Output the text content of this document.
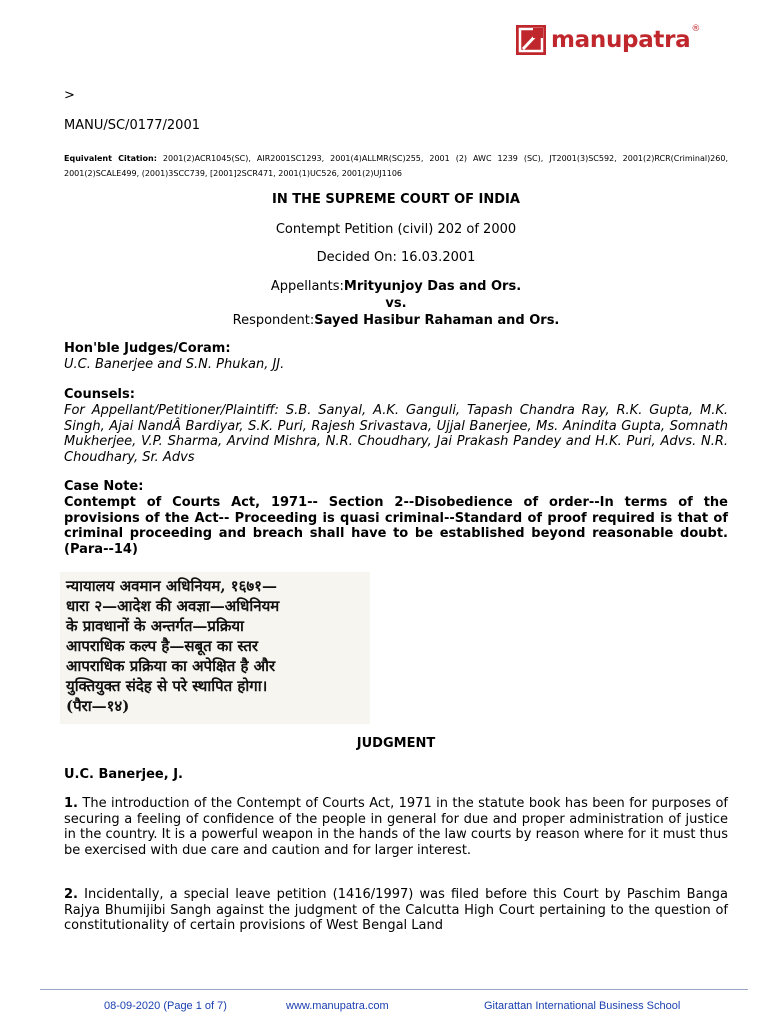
manupatra ®
>
MANU/SC/0177/2001
Equivalent Citation: 2001(2)ACR1045(SC), AIR2001SC1293, 2001(4)ALLMR(SC)255, 2001 (2) AWC 1239 (SC), JT2001(3)SC592, 2001(2)RCR(Criminal)260, 2001(2)SCALE499, (2001)3SCC739, [2001]2SCR471, 2001(1)UC526, 2001(2)UJ1106
IN THE SUPREME COURT OF INDIA
Contempt Petition (civil) 202 of 2000
Decided On: 16.03.2001
Appellants:Mrityunjoy Das and Ors.
vs.
Respondent:Sayed Hasibur Rahaman and Ors.
Hon'ble Judges/Coram:
U.C. Banerjee and S.N. Phukan, JJ.
Counsels:
For Appellant/Petitioner/Plaintiff: S.B. Sanyal, A.K. Ganguli, Tapash Chandra Ray, R.K. Gupta, M.K. Singh, Ajai NandÂ Bardiyar, S.K. Puri, Rajesh Srivastava, Ujjal Banerjee, Ms. Anindita Gupta, Somnath Mukherjee, V.P. Sharma, Arvind Mishra, N.R. Choudhary, Jai Prakash Pandey and H.K. Puri, Advs. N.R. Choudhary, Sr. Advs
Case Note:
Contempt of Courts Act, 1971-- Section 2--Disobedience of order--In terms of the provisions of the Act-- Proceeding is quasi criminal--Standard of proof required is that of criminal proceeding and breach shall have to be established beyond reasonable doubt. (Para--14)
न्यायालय अवमान अधिनियम, १६७१—
धारा २—आदेश की अवज्ञा—अधिनियम
के प्रावधानों के अन्तर्गत—प्रक्रिया
आपराधिक कल्प है—सबूत का स्तर
आपराधिक प्रक्रिया का अपेक्षित है और
युक्तियुक्त संदेह से परे स्थापित होगा।
(पैरा—१४)
JUDGMENT
U.C. Banerjee, J.
1. The introduction of the Contempt of Courts Act, 1971 in the statute book has been for purposes of securing a feeling of confidence of the people in general for due and proper administration of justice in the country. It is a powerful weapon in the hands of the law courts by reason where for it must thus be exercised with due care and caution and for larger interest.
2. Incidentally, a special leave petition (1416/1997) was filed before this Court by Paschim Banga Rajya Bhumijibi Sangh against the judgment of the Calcutta High Court pertaining to the question of constitutionality of certain provisions of West Bengal Land
08-09-2020 (Page 1 of 7)	www.manupatra.com	Gitarattan International Business School
